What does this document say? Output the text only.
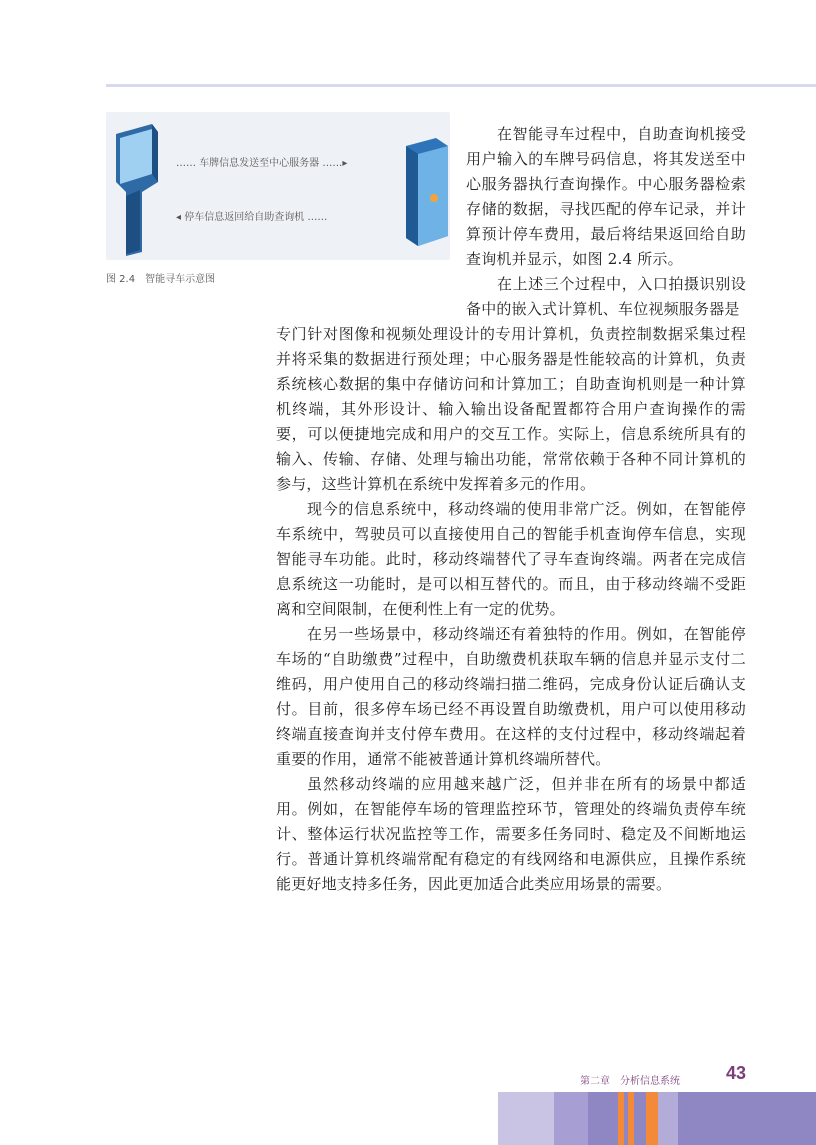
…… 车牌信息发送至中心服务器 ……▸
◂ 停车信息返回给自助查询机 ……
图 2.4 智能寻车示意图

在智能寻车过程中，自助查询机接受用户输入的车牌号码信息，将其发送至中心服务器执行查询操作。中心服务器检索存储的数据，寻找匹配的停车记录，并计算预计停车费用，最后将结果返回给自助查询机并显示，如图 2.4 所示。

在上述三个过程中，入口拍摄识别设备中的嵌入式计算机、车位视频服务器是
专门针对图像和视频处理设计的专用计算机，负责控制数据采集过程并将采集的数据进行预处理；中心服务器是性能较高的计算机，负责系统核心数据的集中存储访问和计算加工；自助查询机则是一种计算机终端，其外形设计、输入输出设备配置都符合用户查询操作的需要，可以便捷地完成和用户的交互工作。实际上，信息系统所具有的输入、传输、存储、处理与输出功能，常常依赖于各种不同计算机的参与，这些计算机在系统中发挥着多元的作用。

现今的信息系统中，移动终端的使用非常广泛。例如，在智能停车系统中，驾驶员可以直接使用自己的智能手机查询停车信息，实现智能寻车功能。此时，移动终端替代了寻车查询终端。两者在完成信息系统这一功能时，是可以相互替代的。而且，由于移动终端不受距离和空间限制，在便利性上有一定的优势。

在另一些场景中，移动终端还有着独特的作用。例如，在智能停车场的“自助缴费”过程中，自助缴费机获取车辆的信息并显示支付二维码，用户使用自己的移动终端扫描二维码，完成身份认证后确认支付。目前，很多停车场已经不再设置自助缴费机，用户可以使用移动终端直接查询并支付停车费用。在这样的支付过程中，移动终端起着重要的作用，通常不能被普通计算机终端所替代。

虽然移动终端的应用越来越广泛，但并非在所有的场景中都适用。例如，在智能停车场的管理监控环节，管理处的终端负责停车统计、整体运行状况监控等工作，需要多任务同时、稳定及不间断地运行。普通计算机终端常配有稳定的有线网络和电源供应，且操作系统能更好地支持多任务，因此更加适合此类应用场景的需要。

第二章 分析信息系统	43
